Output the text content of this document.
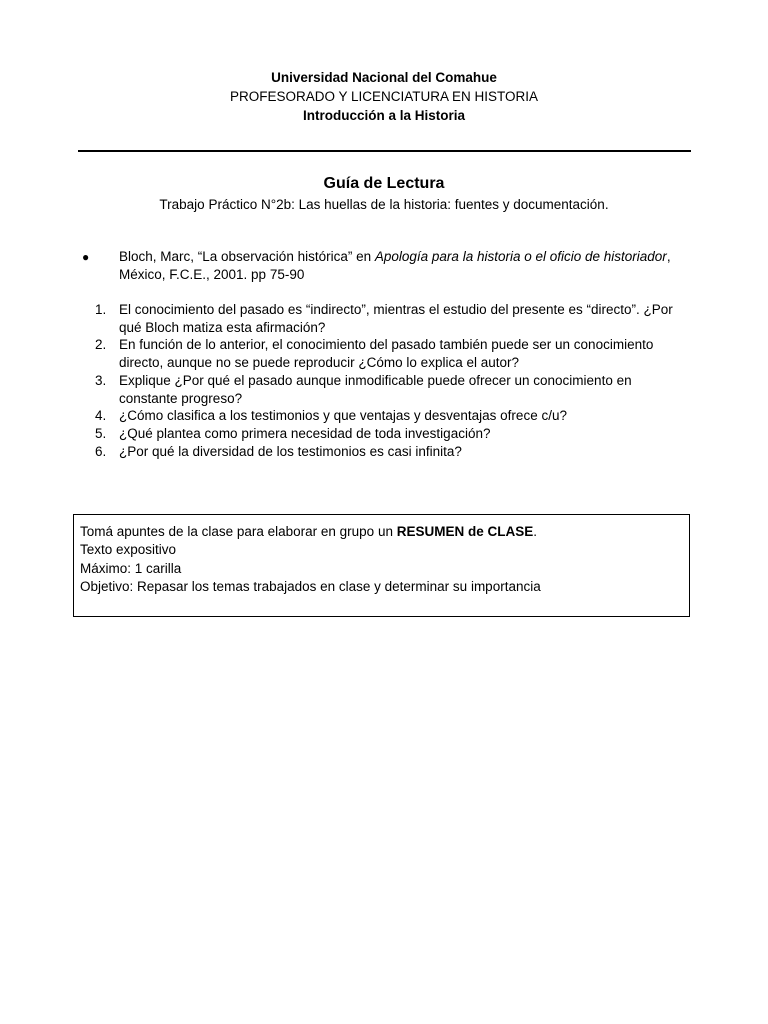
Universidad Nacional del Comahue
PROFESORADO Y LICENCIATURA EN HISTORIA
Introducción a la Historia
Guía de Lectura
Trabajo Práctico N°2b: Las huellas de la historia: fuentes y documentación.
●	Bloch, Marc, “La observación histórica” en Apología para la historia o el oficio de historiador, México, F.C.E., 2001. pp 75-90
1. El conocimiento del pasado es “indirecto”, mientras el estudio del presente es “directo”. ¿Por qué Bloch matiza esta afirmación?
2. En función de lo anterior, el conocimiento del pasado también puede ser un conocimiento directo, aunque no se puede reproducir ¿Cómo lo explica el autor?
3. Explique ¿Por qué el pasado aunque inmodificable puede ofrecer un conocimiento en constante progreso?
4. ¿Cómo clasifica a los testimonios y que ventajas y desventajas ofrece c/u?
5. ¿Qué plantea como primera necesidad de toda investigación?
6. ¿Por qué la diversidad de los testimonios es casi infinita?
Tomá apuntes de la clase para elaborar en grupo un RESUMEN de CLASE.
Texto expositivo
Máximo: 1 carilla
Objetivo: Repasar los temas trabajados en clase y determinar su importancia
